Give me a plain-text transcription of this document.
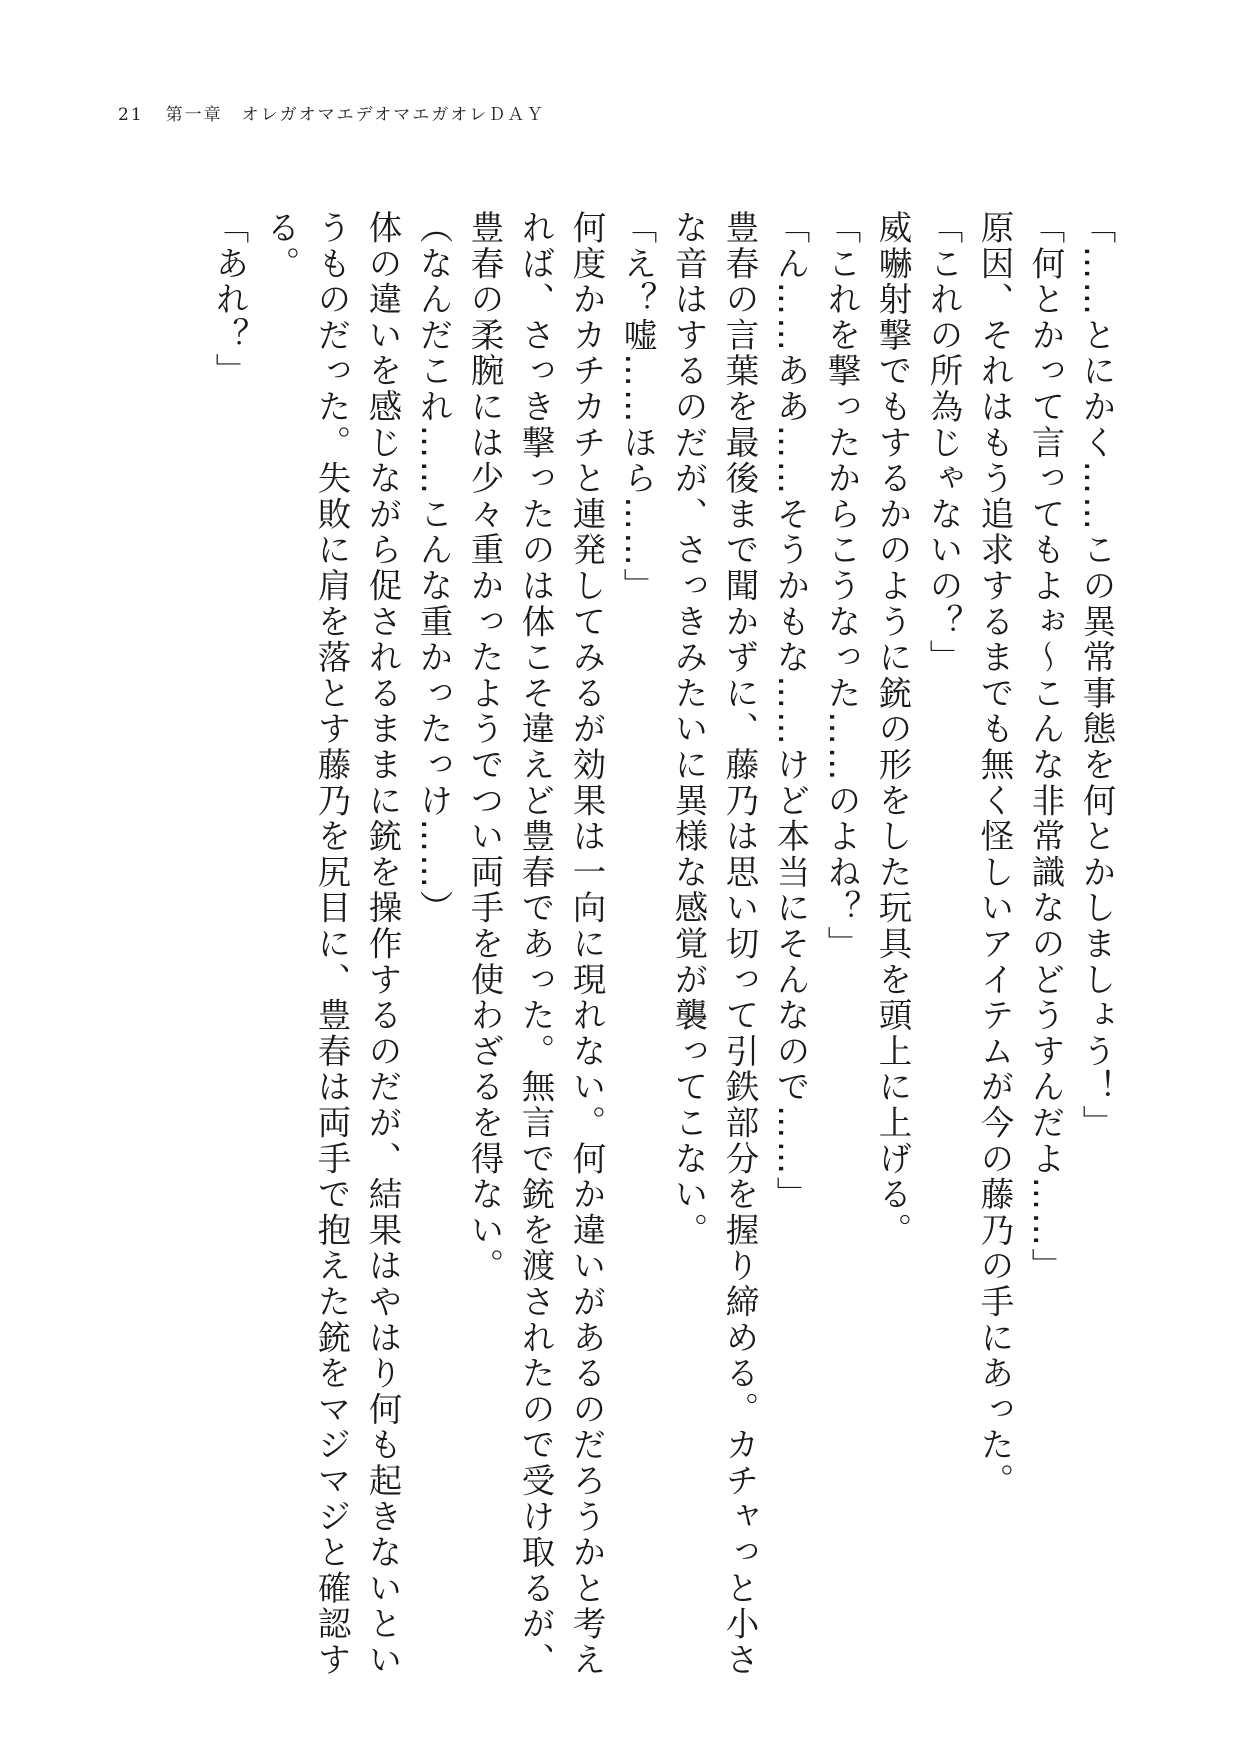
21 第一章　オレガオマエデオマエガオレＤＡＹ

「……とにかく……この異常事態を何とかしましょう！」

「何とかって言ってもよぉ～こんな非常識なのどうすんだよ……」

原因、それはもう追求するまでも無く怪しいアイテムが今の藤乃の手にあった。

「これの所為じゃないの？」

威嚇射撃でもするかのように銃の形をした玩具を頭上に上げる。

「これを撃ったからこうなった……のよね？」

「ん……ああ……そうかもな……けど本当にそんなので……」

豊春の言葉を最後まで聞かずに、藤乃は思い切って引鉄部分を握り締める。カチャっと小さな音はするのだが、さっきみたいに異様な感覚が襲ってこない。

「え？嘘……ほら……」

何度かカチカチと連発してみるが効果は一向に現れない。何か違いがあるのだろうかと考えれば、さっき撃ったのは体こそ違えど豊春であった。無言で銃を渡されたので受け取るが、豊春の柔腕には少々重かったようでつい両手を使わざるを得ない。

（なんだこれ……こんな重かったっけ……）

体の違いを感じながら促されるままに銃を操作するのだが、結果はやはり何も起きないというものだった。失敗に肩を落とす藤乃を尻目に、豊春は両手で抱えた銃をマジマジと確認する。

「あれ？」
